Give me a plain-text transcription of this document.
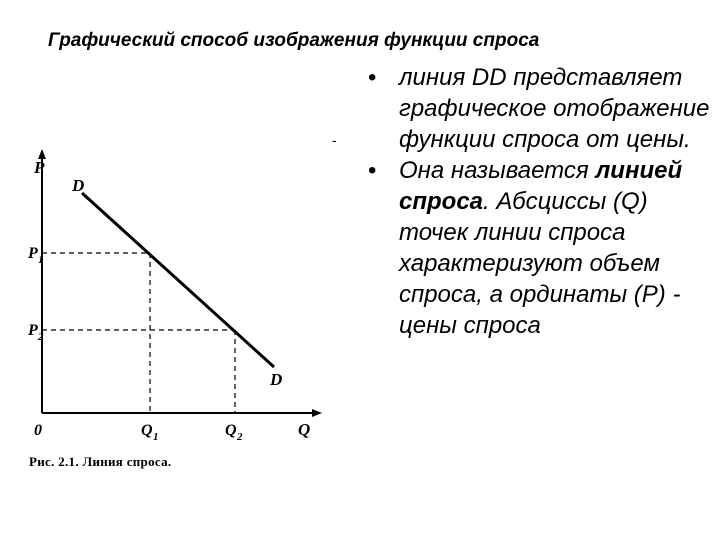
Графический способ изображения функции спроса
-
P
Q
0
D
D
P 1
P 2
Q 1	Q 2
Рис. 2.1. Линия спроса.
• линия DD представляет графическое отображение функции спроса от цены.
• Она называется линией спроса. Абсциссы (Q) точек линии спроса характеризуют объем спроса, а ординаты (Р) - цены спроса
